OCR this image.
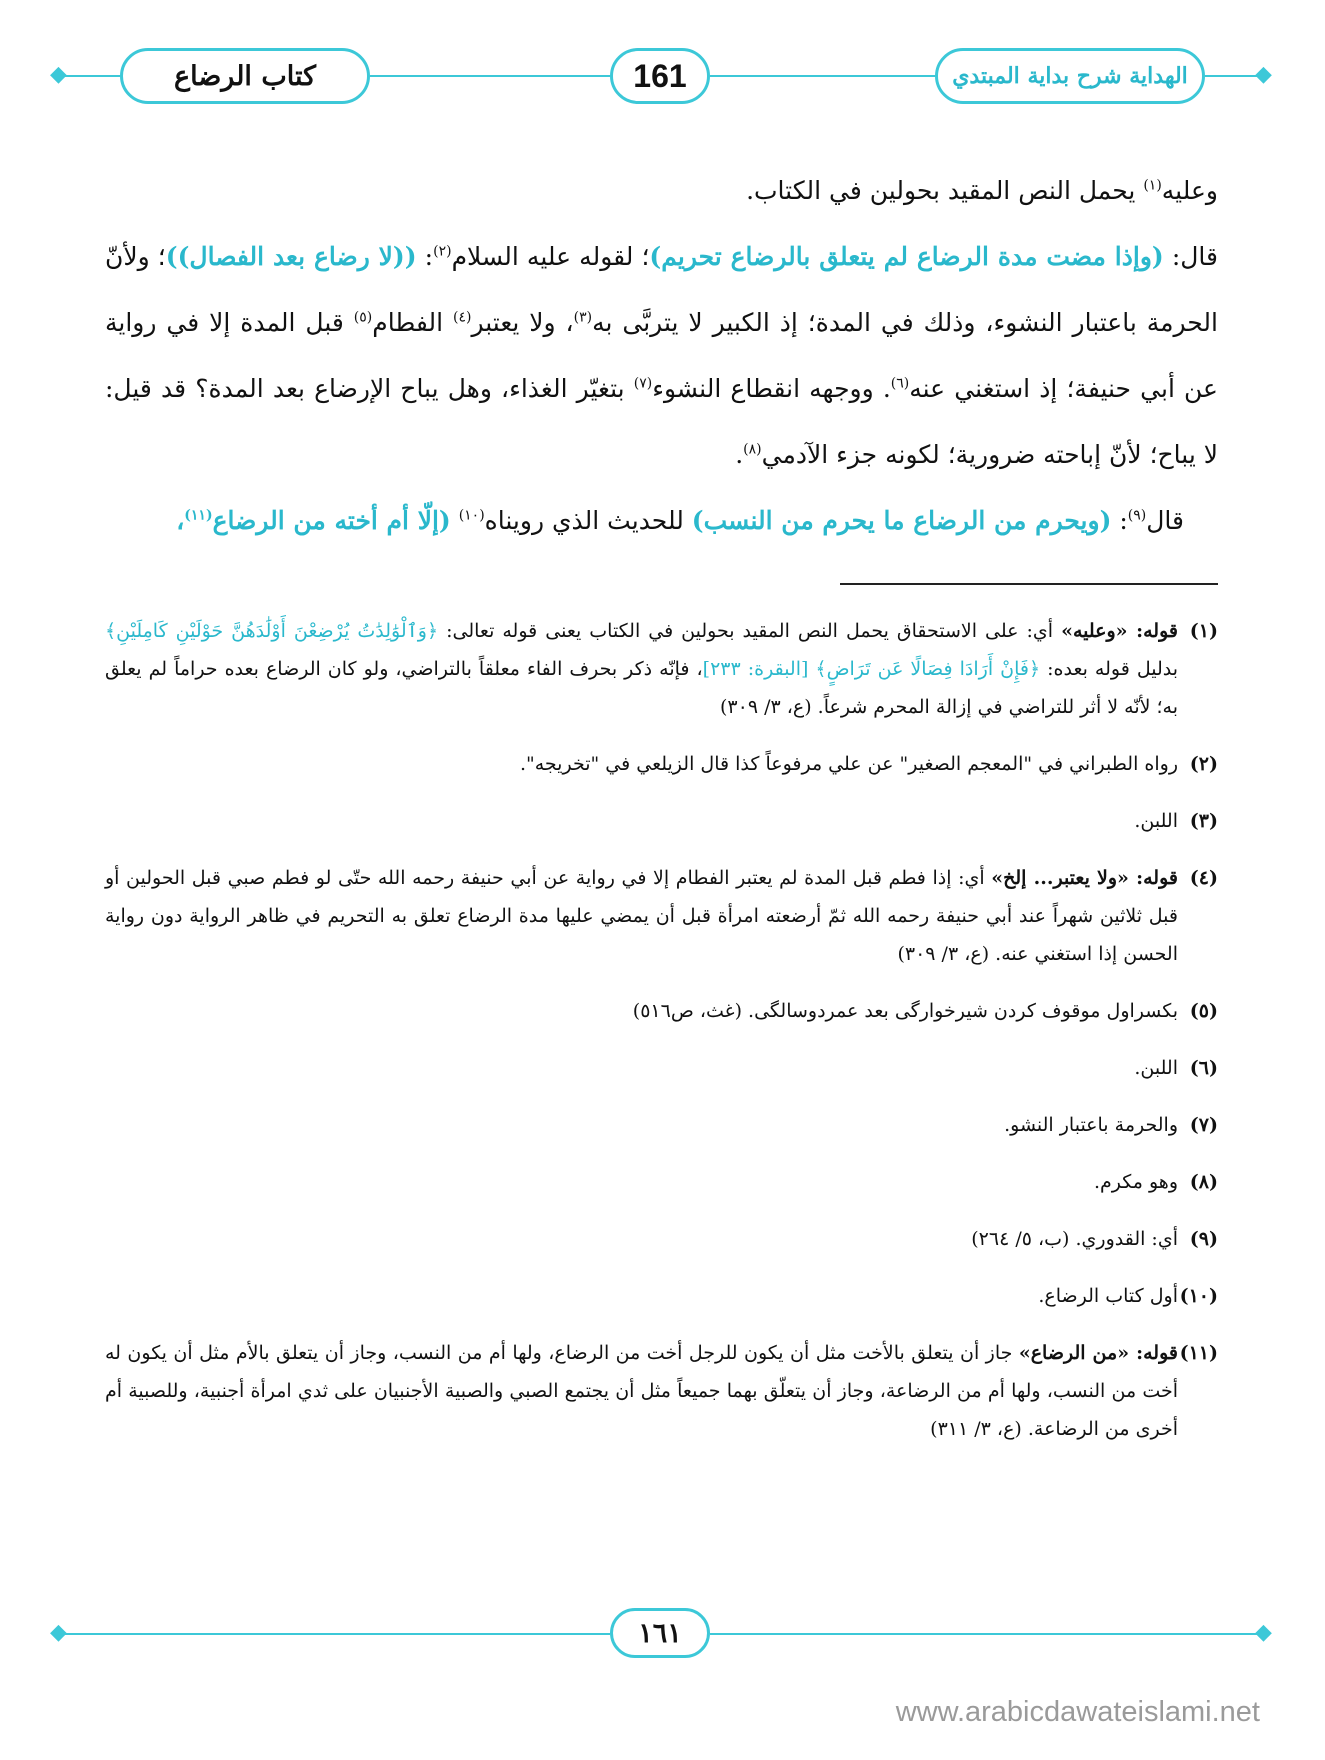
◆	◆
كتاب الرضاع	161	الهداية شرح بداية المبتدي

وعليه$^{(١)}$ يحمل النص المقيد بحولين في الكتاب.

قال: (وإذا مضت مدة الرضاع لم يتعلق بالرضاع تحريم)؛ لقوله عليه السلام$^{(٢)}$: ((لا رضاع بعد الفصال))؛ ولأنّ الحرمة باعتبار النشوء، وذلك في المدة؛ إذ الكبير لا يتربَّى به$^{(٣)}$، ولا يعتبر$^{(٤)}$ الفطام$^{(٥)}$ قبل المدة إلا في رواية عن أبي حنيفة؛ إذ استغني عنه$^{(٦)}$. ووجهه انقطاع النشوء$^{(٧)}$ بتغيّر الغذاء، وهل يباح الإرضاع بعد المدة؟ قد قيل: لا يباح؛ لأنّ إباحته ضرورية؛ لكونه جزء الآدمي$^{(٨)}$.

قال$^{(٩)}$: (ويحرم من الرضاع ما يحرم من النسب) للحديث الذي رويناه$^{(١٠)}$ (إلّا أم أخته من الرضاع$^{(١١)}$،

(١)
قوله: «وعليه» أي: على الاستحقاق يحمل النص المقيد بحولين في الكتاب يعنى قوله تعالى: ﴿وَٱلْوَٰلِدَٰتُ يُرْضِعْنَ أَوْلَٰدَهُنَّ حَوْلَيْنِ كَامِلَيْنِ﴾ بدليل قوله بعده: ﴿فَإِنْ أَرَادَا فِصَالًا عَن تَرَاضٍ﴾ [البقرة: ٢٣٣]، فإنّه ذكر بحرف الفاء معلقاً بالتراضي، ولو كان الرضاع بعده حراماً لم يعلق به؛ لأنّه لا أثر للتراضي في إزالة المحرم شرعاً. (ع، ٣/ ٣٠٩)
(٢)
رواه الطبراني في "المعجم الصغير" عن علي مرفوعاً كذا قال الزيلعي في "تخريجه".
(٣)
اللبن.
(٤)
قوله: «ولا يعتبر... إلخ» أي: إذا فطم قبل المدة لم يعتبر الفطام إلا في رواية عن أبي حنيفة رحمه الله حتّى لو فطم صبي قبل الحولين أو قبل ثلاثين شهراً عند أبي حنيفة رحمه الله ثمّ أرضعته امرأة قبل أن يمضي عليها مدة الرضاع تعلق به التحريم في ظاهر الرواية دون رواية الحسن إذا استغني عنه. (ع، ٣/ ٣٠٩)
(٥)
بكسراول موقوف كردن شيرخوارگى بعد عمردوسالگى. (غث، ص٥١٦)
(٦)
اللبن.
(٧)
والحرمة باعتبار النشو.
(٨)
وهو مكرم.
(٩)
أي: القدوري. (ب، ٥/ ٢٦٤)
(١٠)
أول كتاب الرضاع.
(١١)
قوله: «من الرضاع» جاز أن يتعلق بالأخت مثل أن يكون للرجل أخت من الرضاع، ولها أم من النسب، وجاز أن يتعلق بالأم مثل أن يكون له أخت من النسب، ولها أم من الرضاعة، وجاز أن يتعلّق بهما جميعاً مثل أن يجتمع الصبي والصبية الأجنبيان على ثدي امرأة أجنبية، وللصبية أم أخرى من الرضاعة. (ع، ٣/ ٣١١)
◆	◆
١٦١
www.arabicdawateislami.net
